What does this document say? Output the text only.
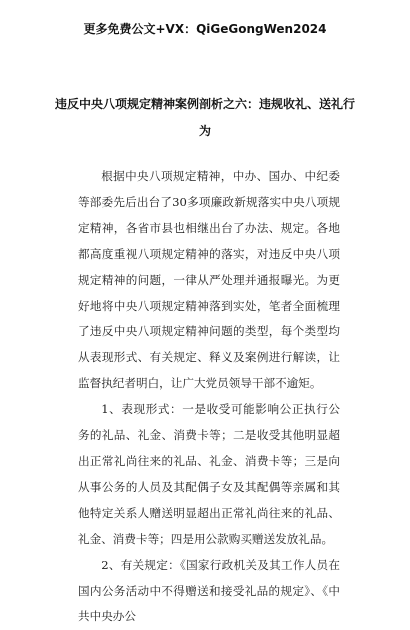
更多免费公文+VX：QiGeGongWen2024
违反中央八项规定精神案例剖析之六：违规收礼、送礼行
为

根据中央八项规定精神，中办、国办、中纪委等部委先后出台了30多项廉政新规落实中央八项规定精神，各省市县也相继出台了办法、规定。各地都高度重视八项规定精神的落实，对违反中央八项规定精神的问题，一律从严处理并通报曝光。为更好地将中央八项规定精神落到实处，笔者全面梳理了违反中央八项规定精神问题的类型，每个类型均从表现形式、有关规定、释义及案例进行解读，让监督执纪者明白，让广大党员领导干部不逾矩。

1、表现形式：一是收受可能影响公正执行公务的礼品、礼金、消费卡等；二是收受其他明显超出正常礼尚往来的礼品、礼金、消费卡等；三是向从事公务的人员及其配偶子女及其配偶等亲属和其他特定关系人赠送明显超出正常礼尚往来的礼品、礼金、消费卡等；四是用公款购买赠送发放礼品。

2、有关规定：《国家行政机关及其工作人员在国内公务活动中不得赠送和接受礼品的规定》、《中共中央办公
